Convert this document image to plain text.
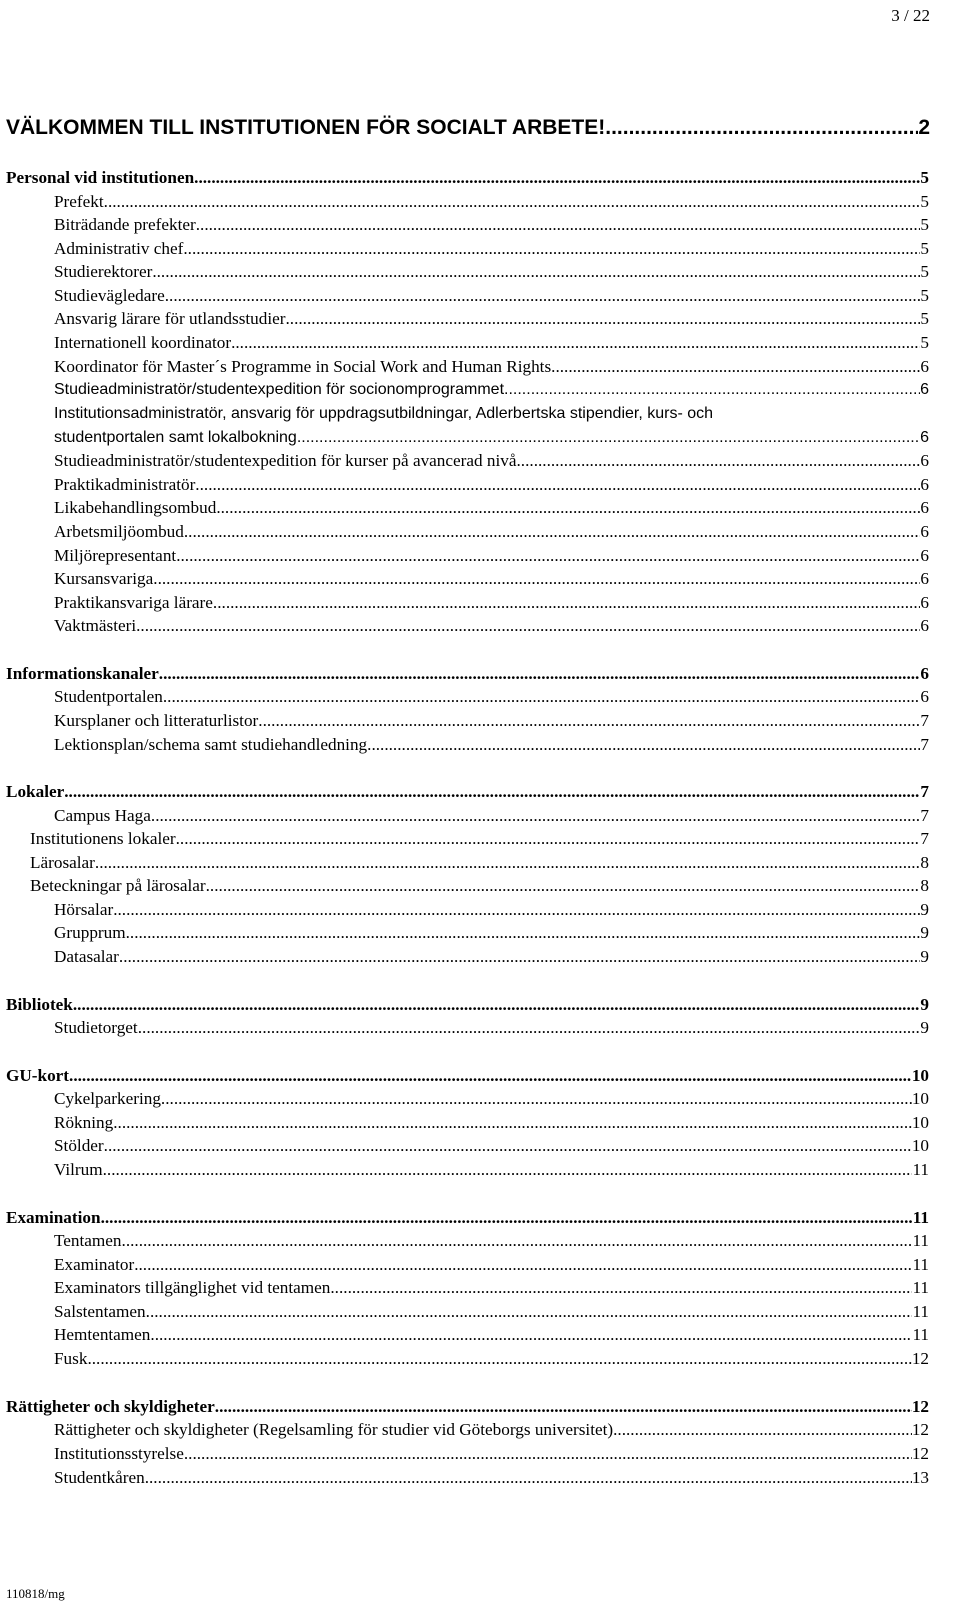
3 / 22
VÄLKOMMEN TILL INSTITUTIONEN FÖR SOCIALT ARBETE! .....	2
Personal vid institutionen .....	5
Prefekt .....	5
Biträdande prefekter .....	5
Administrativ chef .....	5
Studierektorer .....	5
Studievägledare .....	5
Ansvarig lärare för utlandsstudier .....	5
Internationell koordinator .....	5
Koordinator för Master´s Programme in Social Work and Human Rights .....	6
Studieadministratör/studentexpedition för socionomprogrammet .....	6
Institutionsadministratör, ansvarig för uppdragsutbildningar, Adlerbertska stipendier, kurs- och
studentportalen samt lokalbokning .....	6
Studieadministratör/studentexpedition för kurser på avancerad nivå .....	6
Praktikadministratör .....	6
Likabehandlingsombud .....	6
Arbetsmiljöombud .....	6
Miljörepresentant .....	6
Kursansvariga .....	6
Praktikansvariga lärare .....	6
Vaktmästeri .....	6
Informationskanaler .....	6
Studentportalen .....	6
Kursplaner och litteraturlistor .....	7
Lektionsplan/schema samt studiehandledning .....	7
Lokaler .....	7
Campus Haga .....	7
Institutionens lokaler .....	7
Lärosalar .....	8
Beteckningar på lärosalar .....	8
Hörsalar .....	9
Grupprum .....	9
Datasalar .....	9
Bibliotek .....	9
Studietorget .....	9
GU-kort .....	10
Cykelparkering .....	10
Rökning .....	10
Stölder .....	10
Vilrum .....	11
Examination .....	11
Tentamen .....	11
Examinator .....	11
Examinators tillgänglighet vid tentamen .....	11
Salstentamen .....	11
Hemtentamen .....	11
Fusk .....	12
Rättigheter och skyldigheter .....	12
Rättigheter och skyldigheter (Regelsamling för studier vid Göteborgs universitet) .....	12
Institutionsstyrelse .....	12
Studentkåren .....	13
110818/mg
